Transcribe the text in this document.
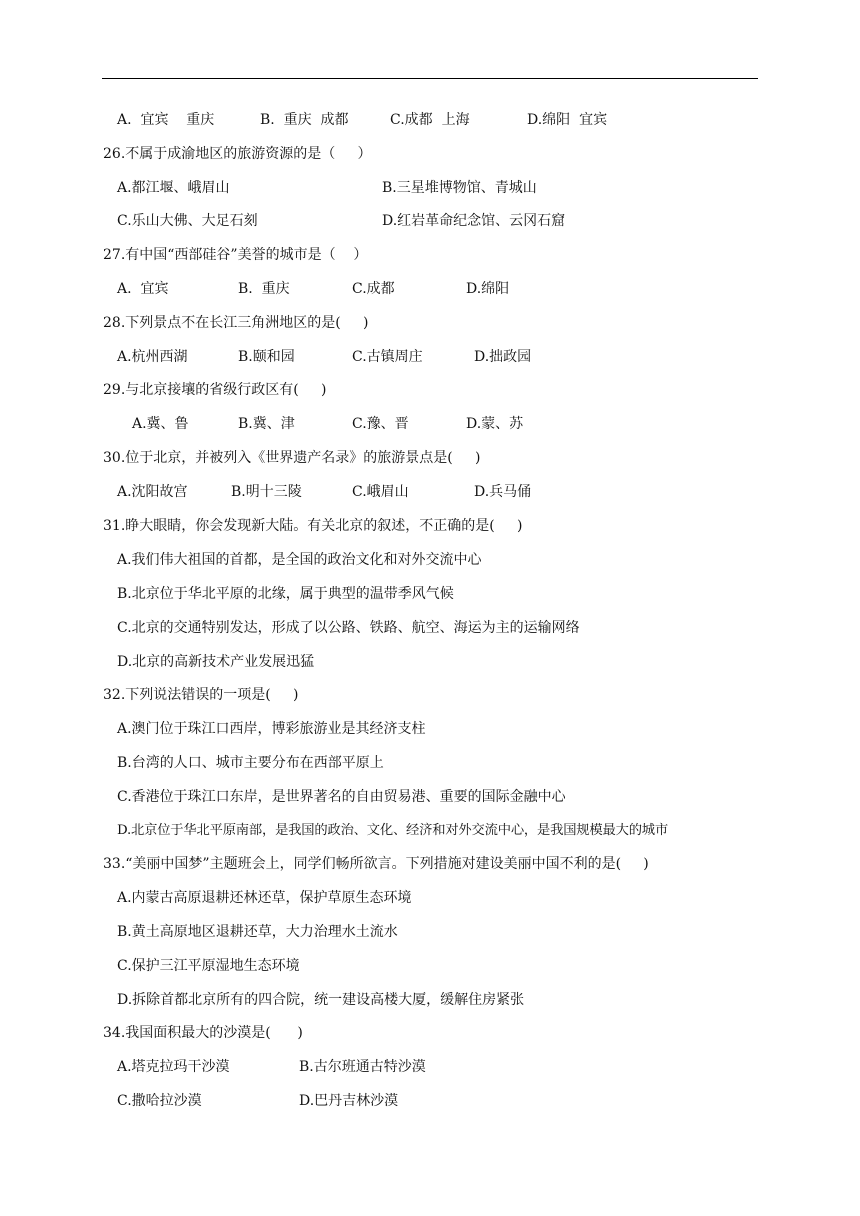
A.  宜宾    重庆	B.  重庆  成都	C.成都  上海	D.绵阳  宜宾
26.不属于成渝地区的旅游资源的是（     ）
A.都江堰、峨眉山	B.三星堆博物馆、青城山
C.乐山大佛、大足石刻	D.红岩革命纪念馆、云冈石窟
27.有中国“西部硅谷”美誉的城市是（    ）
A.  宜宾	B.  重庆	C.成都	D.绵阳
28.下列景点不在长江三角洲地区的是(     )
A.杭州西湖	B.颐和园	C.古镇周庄	D.拙政园
29.与北京接壤的省级行政区有(     )
A.冀、鲁	B.冀、津	C.豫、晋	D.蒙、苏
30.位于北京，并被列入《世界遗产名录》的旅游景点是(     )
A.沈阳故宫	B.明十三陵	C.峨眉山	D.兵马俑
31.睁大眼睛，你会发现新大陆。有关北京的叙述，不正确的是(     )
A.我们伟大祖国的首都，是全国的政治文化和对外交流中心
B.北京位于华北平原的北缘，属于典型的温带季风气候
C.北京的交通特别发达，形成了以公路、铁路、航空、海运为主的运输网络
D.北京的高新技术产业发展迅猛
32.下列说法错误的一项是(     )
A.澳门位于珠江口西岸，博彩旅游业是其经济支柱
B.台湾的人口、城市主要分布在西部平原上
C.香港位于珠江口东岸，是世界著名的自由贸易港、重要的国际金融中心
D.北京位于华北平原南部，是我国的政治、文化、经济和对外交流中心，是我国规模最大的城市
33.“美丽中国梦”主题班会上，同学们畅所欲言。下列措施对建设美丽中国不利的是(     )
A.内蒙古高原退耕还林还草，保护草原生态环境
B.黄土高原地区退耕还草，大力治理水土流水
C.保护三江平原湿地生态环境
D.拆除首都北京所有的四合院，统一建设高楼大厦，缓解住房紧张
34.我国面积最大的沙漠是(      )
A.塔克拉玛干沙漠	B.古尔班通古特沙漠
C.撒哈拉沙漠	D.巴丹吉林沙漠
